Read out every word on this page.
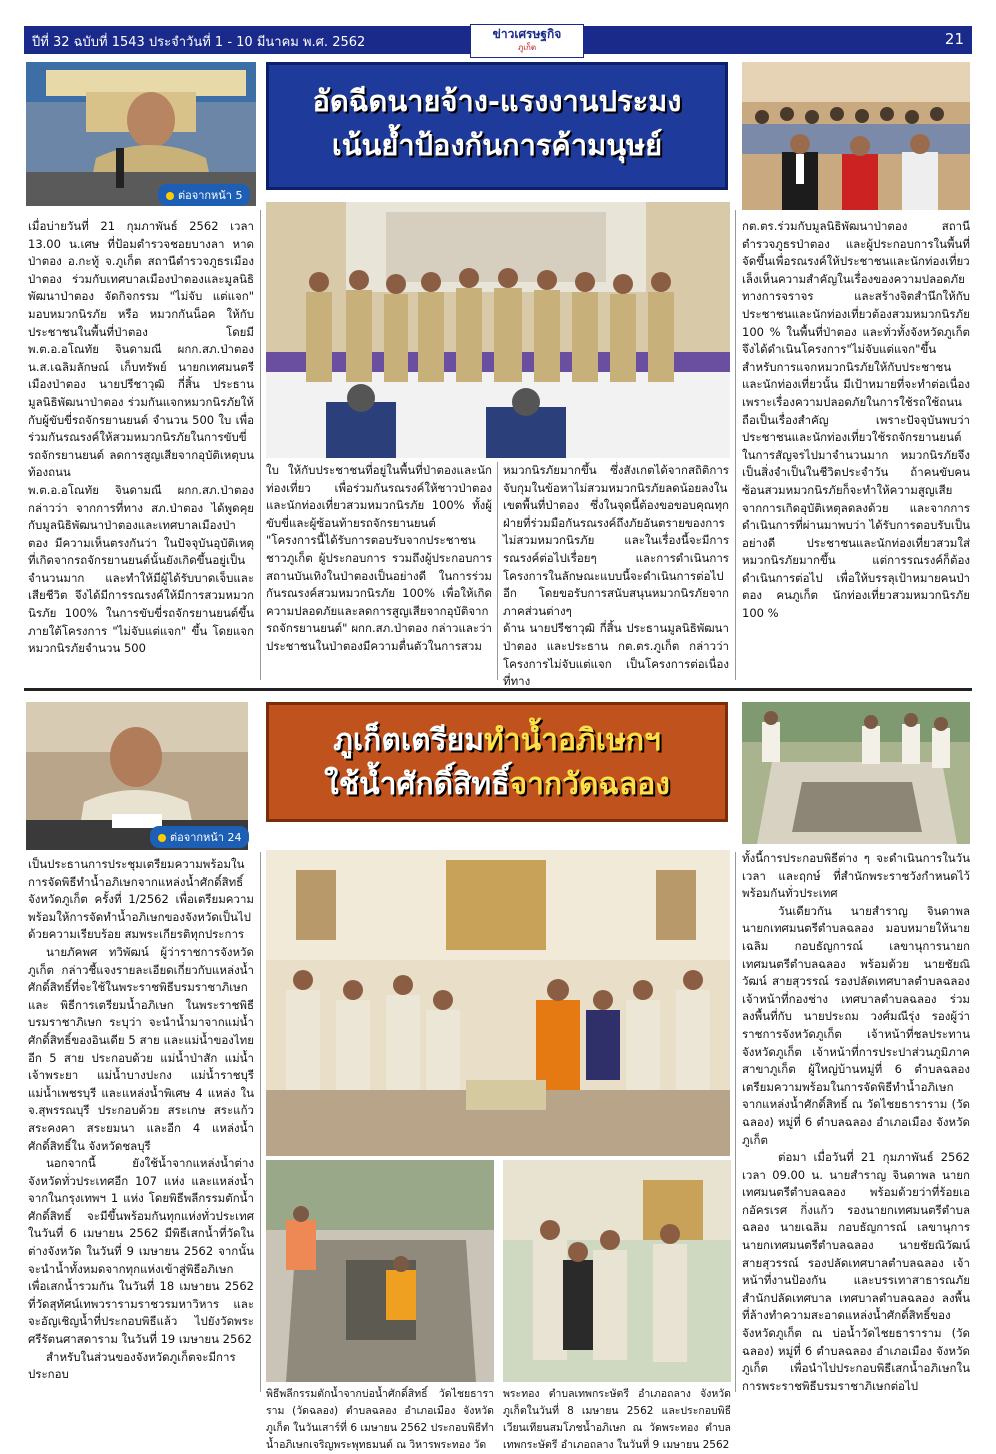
ปีที่ 32 ฉบับที่ 1543 ประจำวันที่ 1 - 10 มีนาคม พ.ศ. 2562
ข่าวเศรษฐกิจ
ภูเก็ต	21
ต่อจากหน้า 5
อัดฉีดนายจ้าง-แรงงานประมง
เน้นย้ำป้องกันการค้ามนุษย์

เมื่อบ่ายวันที่ 21 กุมภาพันธ์ 2562 เวลา 13.00 น.เศษ ที่ป้อมตำรวจชอยบางลา หาดป่าตอง อ.กะทู้ จ.ภูเก็ต สถานีตำรวจภูธรเมืองป่าตอง ร่วมกับเทศบาลเมืองป่าตองและมูลนิธิพัฒนาป่าตอง จัดกิจกรรม "ไม่จับ แต่แจก" มอบหมวกนิรภัย หรือ หมวกกันน็อค ให้กับประชาชนในพื้นที่ป่าตอง โดยมี พ.ต.อ.อโณทัย จินดามณี ผกก.สภ.ป่าตอง น.ส.เฉลิมลักษณ์ เก็บทรัพย์ นายกเทศมนตรีเมืองป่าตอง นายปรีชาวุฒิ กี่สิ้น ประธานมูลนิธิพัฒนาป่าตอง ร่วมกันแจกหมวกนิรภัยให้กับผู้ขับขี่รถจักรยานยนต์ จำนวน 500 ใบ เพื่อร่วมกันรณรงค์ให้สวมหมวกนิรภัยในการขับขี่รถจักรยานยนต์ ลดการสูญเสียจากอุบัติเหตุบนท้องถนน

พ.ต.อ.อโณทัย จินดามณี ผกก.สภ.ป่าตอง กล่าวว่า จากการที่ทาง สภ.ป่าตอง ได้พูดคุยกับมูลนิธิพัฒนาป่าตองและเทศบาลเมืองป่าตอง มีความเห็นตรงกันว่า ในปัจจุบันอุบัติเหตุที่เกิดจากรถจักรยานยนต์นั้นยังเกิดขึ้นอยู่เป็นจำนวนมาก และทำให้มีผู้ได้รับบาดเจ็บและเสียชีวิต จึงได้มีการรณรงค์ให้มีการสวมหมวกนิรภัย 100% ในการขับขี่รถจักรยานยนต์ขึ้น ภายใต้โครงการ "ไม่จับแต่แจก" ขึ้น โดยแจกหมวกนิรภัยจำนวน 500

ใบ ให้กับประชาชนที่อยู่ในพื้นที่ป่าตองและนักท่องเที่ยว เพื่อร่วมกันรณรงค์ให้ชาวป่าตองและนักท่องเที่ยวสวมหมวกนิรภัย 100% ทั้งผู้ขับขี่และผู้ซ้อนท้ายรถจักรยานยนต์

"โครงการนี้ได้รับการตอบรับจากประชาชนชาวภูเก็ต ผู้ประกอบการ รวมถึงผู้ประกอบการสถานบันเทิงในป่าตองเป็นอย่างดี ในการร่วมกันรณรงค์สวมหมวกนิรภัย 100% เพื่อให้เกิดความปลอดภัยและลดการสูญเสียจากอุบัติจากรถจักรยานยนต์" ผกก.สภ.ป่าตอง กล่าวและว่าประชาชนในป่าตองมีความตื่นตัวในการสวม

หมวกนิรภัยมากขึ้น ซึ่งสังเกตได้จากสถิติการจับกุมในข้อหาไม่สวมหมวกนิรภัยลดน้อยลงในเขตพื้นที่ป่าตอง ซึ่งในจุดนี้ต้องขอขอบคุณทุกฝ่ายที่ร่วมมือกันรณรงค์ถึงภัยอันตรายของการไม่สวมหมวกนิรภัย และในเรื่องนี้จะมีการรณรงค์ต่อไปเรื่อยๆ และการดำเนินการโครงการในลักษณะแบบนี้จะดำเนินการต่อไปอีก โดยขอรับการสนับสนุนหมวกนิรภัยจากภาคส่วนต่างๆ

ด้าน นายปรีชาวุฒิ กี่สิ้น ประธานมูลนิธิพัฒนาป่าตอง และประธาน กต.ตร.ภูเก็ต กล่าวว่า โครงการไม่จับแต่แจก เป็นโครงการต่อเนื่องที่ทาง

กต.ตร.ร่วมกับมูลนิธิพัฒนาป่าตอง สถานีตำรวจภูธรป่าตอง และผู้ประกอบการในพื้นที่จัดขึ้นเพื่อรณรงค์ให้ประชาชนและนักท่องเที่ยวเล็งเห็นความสำคัญในเรื่องของความปลอดภัยทางการจราจร และสร้างจิตสำนึกให้กับประชาชนและนักท่องเที่ยวต้องสวมหมวกนิรภัย 100 % ในพื้นที่ป่าตอง และทั่วทั้งจังหวัดภูเก็ต จึงได้ดำเนินโครงการ"ไม่จับแต่แจก"ขึ้น

สำหรับการแจกหมวกนิรภัยให้กับประชาชนและนักท่องเที่ยวนั้น มีเป้าหมายที่จะทำต่อเนื่อง เพราะเรื่องความปลอดภัยในการใช้รถใช้ถนนถือเป็นเรื่องสำคัญ เพราะปัจจุบันพบว่าประชาชนและนักท่องเที่ยวใช้รถจักรยานยนต์ในการสัญจรไปมาจำนวนมาก หมวกนิรภัยจึงเป็นสิ่งจำเป็นในชีวิตประจำวัน ถ้าคนขับคนซ้อนสวมหมวกนิรภัยก็จะทำให้ความสูญเสียจากการเกิดอุบัติเหตุลดลงด้วย และจากการดำเนินการที่ผ่านมาพบว่า ได้รับการตอบรับเป็นอย่างดี ประชาชนและนักท่องเที่ยวสวมใส่หมวกนิรภัยมากขึ้น แต่การรณรงค์ก็ต้องดำเนินการต่อไป เพื่อให้บรรลุเป้าหมายคนป่าตอง คนภูเก็ต นักท่องเที่ยวสวมหมวกนิรภัย 100 %

ต่อจากหน้า 24
ภูเก็ตเตรียมทำน้ำอภิเษกฯ
ใช้น้ำศักดิ์สิทธิ์จากวัดฉลอง

เป็นประธานการประชุมเตรียมความพร้อมในการจัดพิธีทำน้ำอภิเษกจากแหล่งน้ำศักดิ์สิทธิ์จังหวัดภูเก็ต ครั้งที่ 1/2562 เพื่อเตรียมความพร้อมให้การจัดทำน้ำอภิเษกของจังหวัดเป็นไปด้วยความเรียบร้อย สมพระเกียรติทุกประการ

นายภัคพศ ทวิพัฒน์ ผู้ว่าราชการจังหวัดภูเก็ต กล่าวชี้แจงรายละเอียดเกี่ยวกับแหล่งน้ำศักดิ์สิทธิ์ที่จะใช้ในพระราชพิธีบรมราชาภิเษก และ พิธีการเตรียมน้ำอภิเษก ในพระราชพิธีบรมราชาภิเษก ระบุว่า จะนำน้ำมาจากแม่น้ำศักดิ์สิทธิ์ของอินเดีย 5 สาย และแม่น้ำของไทยอีก 5 สาย ประกอบด้วย แม่น้ำป่าสัก แม่น้ำเจ้าพระยา แม่น้ำบางปะกง แม่น้ำราชบุรี แม่น้ำเพชรบุรี และแหล่งน้ำพิเศษ 4 แหล่ง ใน จ.สุพรรณบุรี ประกอบด้วย สระเกษ สระแก้ว สระคงคา สระยมนา และอีก 4 แหล่งน้ำศักดิ์สิทธิ์ใน จังหวัดชลบุรี

นอกจากนี้ ยังใช้น้ำจากแหล่งน้ำต่างจังหวัดทั่วประเทศอีก 107 แห่ง และแหล่งน้ำจากในกรุงเทพฯ 1 แห่ง โดยพิธีพลีกรรมตักน้ำศักดิ์สิทธิ์ จะมีขึ้นพร้อมกันทุกแห่งทั่วประเทศ ในวันที่ 6 เมษายน 2562 มีพิธีเสกน้ำที่วัดในต่างจังหวัด ในวันที่ 9 เมษายน 2562 จากนั้นจะนำน้ำทั้งหมดจากทุกแห่งเข้าสู่พิธีอภิเษก เพื่อเสกน้ำรวมกัน ในวันที่ 18 เมษายน 2562 ที่วัดสุทัศน์เทพวรารามราชวรมหาวิหาร และจะอัญเชิญน้ำที่ประกอบพิธีแล้ว ไปยังวัดพระศรีรัตนศาสดาราม ในวันที่ 19 เมษายน 2562

สำหรับในส่วนของจังหวัดภูเก็ตจะมีการประกอบ

พิธีพลีกรรมตักน้ำจากบ่อน้ำศักดิ์สิทธิ์ วัดไชยธาราราม (วัดฉลอง) ตำบลฉลอง อำเภอเมือง จังหวัดภูเก็ต ในวันเสาร์ที่ 6 เมษายน 2562 ประกอบพิธีทำน้ำอภิเษกเจริญพระพุทธมนต์ ณ วิหารพระทอง วัด

พระทอง ตำบลเทพกระษัตรี อำเภอถลาง จังหวัดภูเก็ตในวันที่ 8 เมษายน 2562 และประกอบพิธีเวียนเทียนสมโภชน้ำอภิเษก ณ วัดพระทอง ตำบลเทพกระษัตรี อำเภอถลาง ในวันที่ 9 เมษายน 2562

ทั้งนี้การประกอบพิธีต่าง ๆ จะดำเนินการในวันเวลา และฤกษ์ ที่สำนักพระราชวังกำหนดไว้พร้อมกันทั่วประเทศ

วันเดียวกัน นายสำราญ จินดาพล นายกเทศมนตรีตำบลฉลอง มอบหมายให้นายเฉลิม กอบธัญการณ์ เลขานุการนายกเทศมนตรีตำบลฉลอง พร้อมด้วย นายชัยณิวัฒน์ สายสุวรรณ์ รองปลัดเทศบาลตำบลฉลอง เจ้าหน้าที่กองช่าง เทศบาลตำบลฉลอง ร่วมลงพื้นที่กับ นายประถม วงศ์มณีรุ่ง รองผู้ว่าราชการจังหวัดภูเก็ต เจ้าหน้าที่ชลประทานจังหวัดภูเก็ต เจ้าหน้าที่การประปาส่วนภูมิภาค สาขาภูเก็ต ผู้ใหญ่บ้านหมู่ที่ 6 ตำบลฉลอง เตรียมความพร้อมในการจัดพิธีทำน้ำอภิเษกจากแหล่งน้ำศักดิ์สิทธิ์ ณ วัดไชยธาราราม (วัดฉลอง) หมู่ที่ 6 ตำบลฉลอง อำเภอเมือง จังหวัดภูเก็ต

ต่อมา เมื่อวันที่ 21 กุมภาพันธ์ 2562 เวลา 09.00 น. นายสำราญ จินดาพล นายกเทศมนตรีตำบลฉลอง พร้อมด้วยว่าที่ร้อยเอกอัครเรศ กิ่งแก้ว รองนายกเทศมนตรีตำบลฉลอง นายเฉลิม กอบธัญการณ์ เลขานุการนายกเทศมนตรีตำบลฉลอง นายชัยณิวัฒน์ สายสุวรรณ์ รองปลัดเทศบาลตำบลฉลอง เจ้าหน้าที่งานป้องกัน และบรรเทาสาธารณภัย สำนักปลัดเทศบาล เทศบาลตำบลฉลอง ลงพื้นที่ล้างทำความสะอาดแหล่งน้ำศักดิ์สิทธิ์ของจังหวัดภูเก็ต ณ บ่อน้ำวัดไชยธาราราม (วัดฉลอง) หมู่ที่ 6 ตำบลฉลอง อำเภอเมือง จังหวัดภูเก็ต เพื่อนำไปประกอบพิธีเสกน้ำอภิเษกในการพระราชพิธีบรมราชาภิเษกต่อไป
